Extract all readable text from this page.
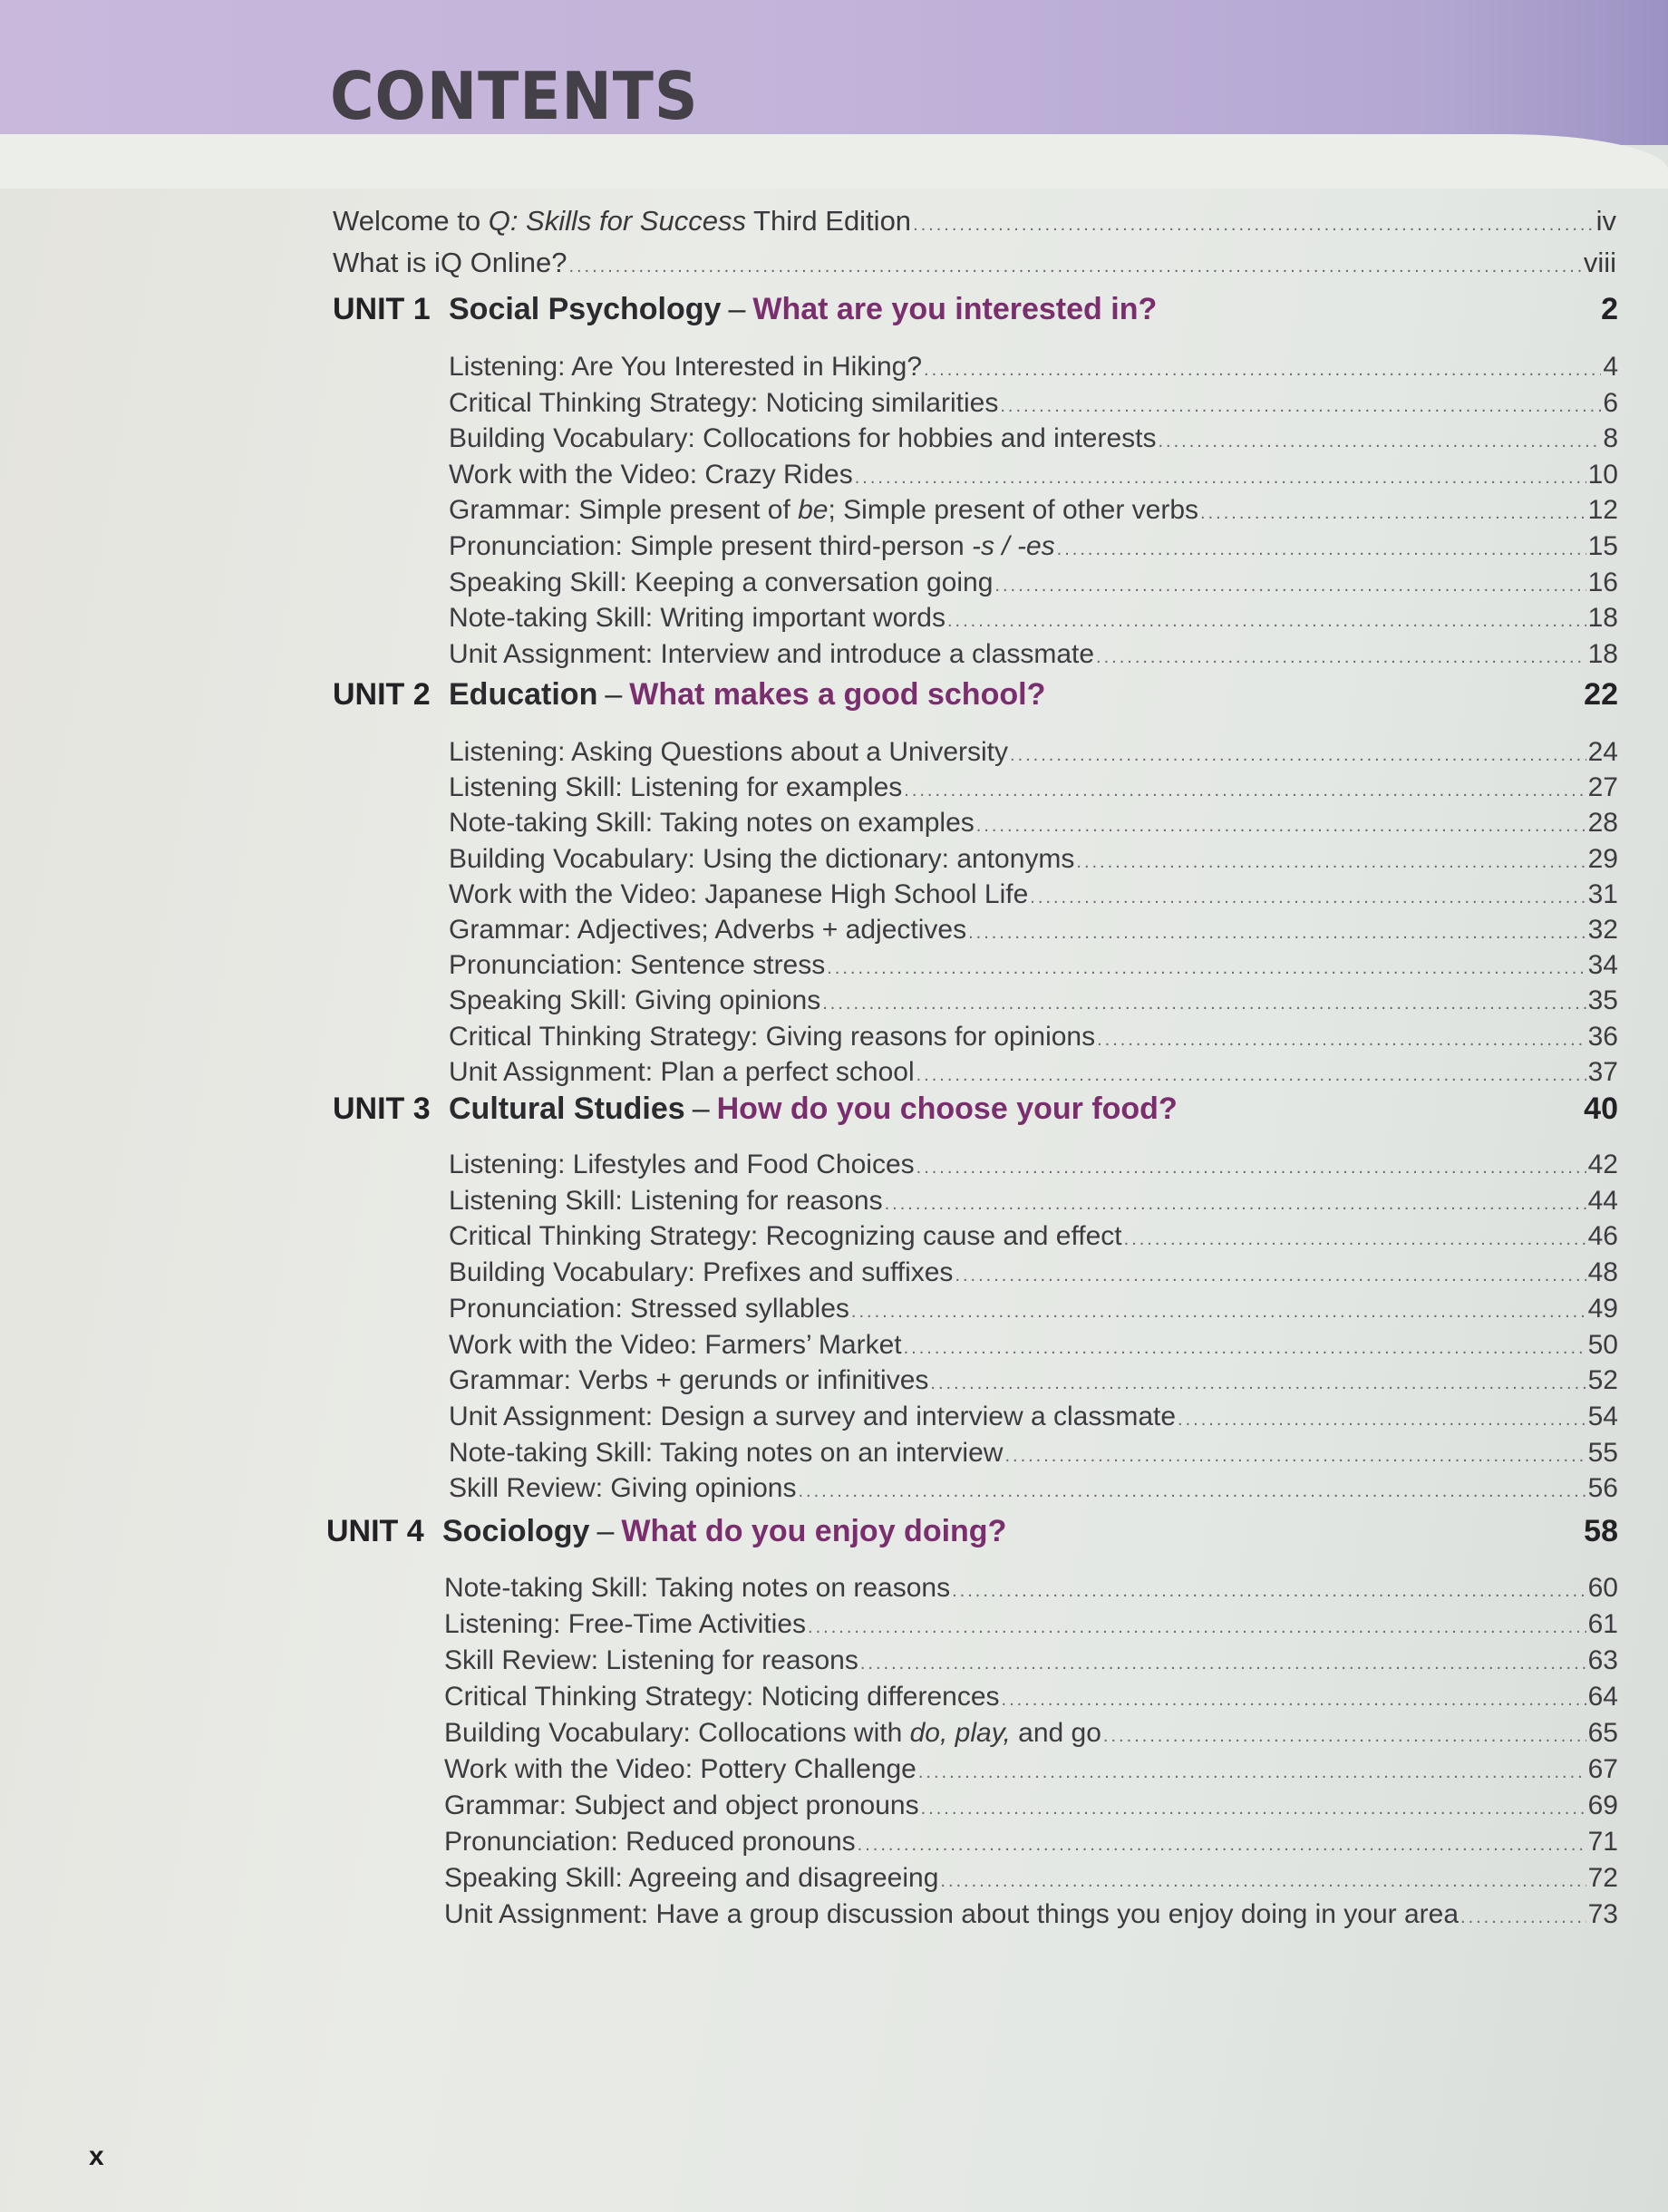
CONTENTS
Welcome to Q: Skills for Success Third Edition .....	iv
What is iQ Online? .....	viii
UNIT 1 Social Psychology – What are you interested in?	2
Listening: Are You Interested in Hiking? .....	4
Critical Thinking Strategy: Noticing similarities .....	6
Building Vocabulary: Collocations for hobbies and interests .....	8
Work with the Video: Crazy Rides .....	10
Grammar: Simple present of be; Simple present of other verbs .....	12
Pronunciation: Simple present third-person -s / -es .....	15
Speaking Skill: Keeping a conversation going .....	16
Note-taking Skill: Writing important words .....	18
Unit Assignment: Interview and introduce a classmate .....	18
UNIT 2 Education – What makes a good school?	22
Listening: Asking Questions about a University .....	24
Listening Skill: Listening for examples .....	27
Note-taking Skill: Taking notes on examples .....	28
Building Vocabulary: Using the dictionary: antonyms .....	29
Work with the Video: Japanese High School Life .....	31
Grammar: Adjectives; Adverbs + adjectives .....	32
Pronunciation: Sentence stress .....	34
Speaking Skill: Giving opinions .....	35
Critical Thinking Strategy: Giving reasons for opinions .....	36
Unit Assignment: Plan a perfect school .....	37
UNIT 3 Cultural Studies – How do you choose your food?	40
Listening: Lifestyles and Food Choices .....	42
Listening Skill: Listening for reasons .....	44
Critical Thinking Strategy: Recognizing cause and effect .....	46
Building Vocabulary: Prefixes and suffixes .....	48
Pronunciation: Stressed syllables .....	49
Work with the Video: Farmers’ Market .....	50
Grammar: Verbs + gerunds or infinitives .....	52
Unit Assignment: Design a survey and interview a classmate .....	54
Note-taking Skill: Taking notes on an interview .....	55
Skill Review: Giving opinions .....	56
UNIT 4 Sociology – What do you enjoy doing?	58
Note-taking Skill: Taking notes on reasons .....	60
Listening: Free-Time Activities .....	61
Skill Review: Listening for reasons .....	63
Critical Thinking Strategy: Noticing differences .....	64
Building Vocabulary: Collocations with do, play, and go .....	65
Work with the Video: Pottery Challenge .....	67
Grammar: Subject and object pronouns .....	69
Pronunciation: Reduced pronouns .....	71
Speaking Skill: Agreeing and disagreeing .....	72
Unit Assignment: Have a group discussion about things you enjoy doing in your area .....	73
x
